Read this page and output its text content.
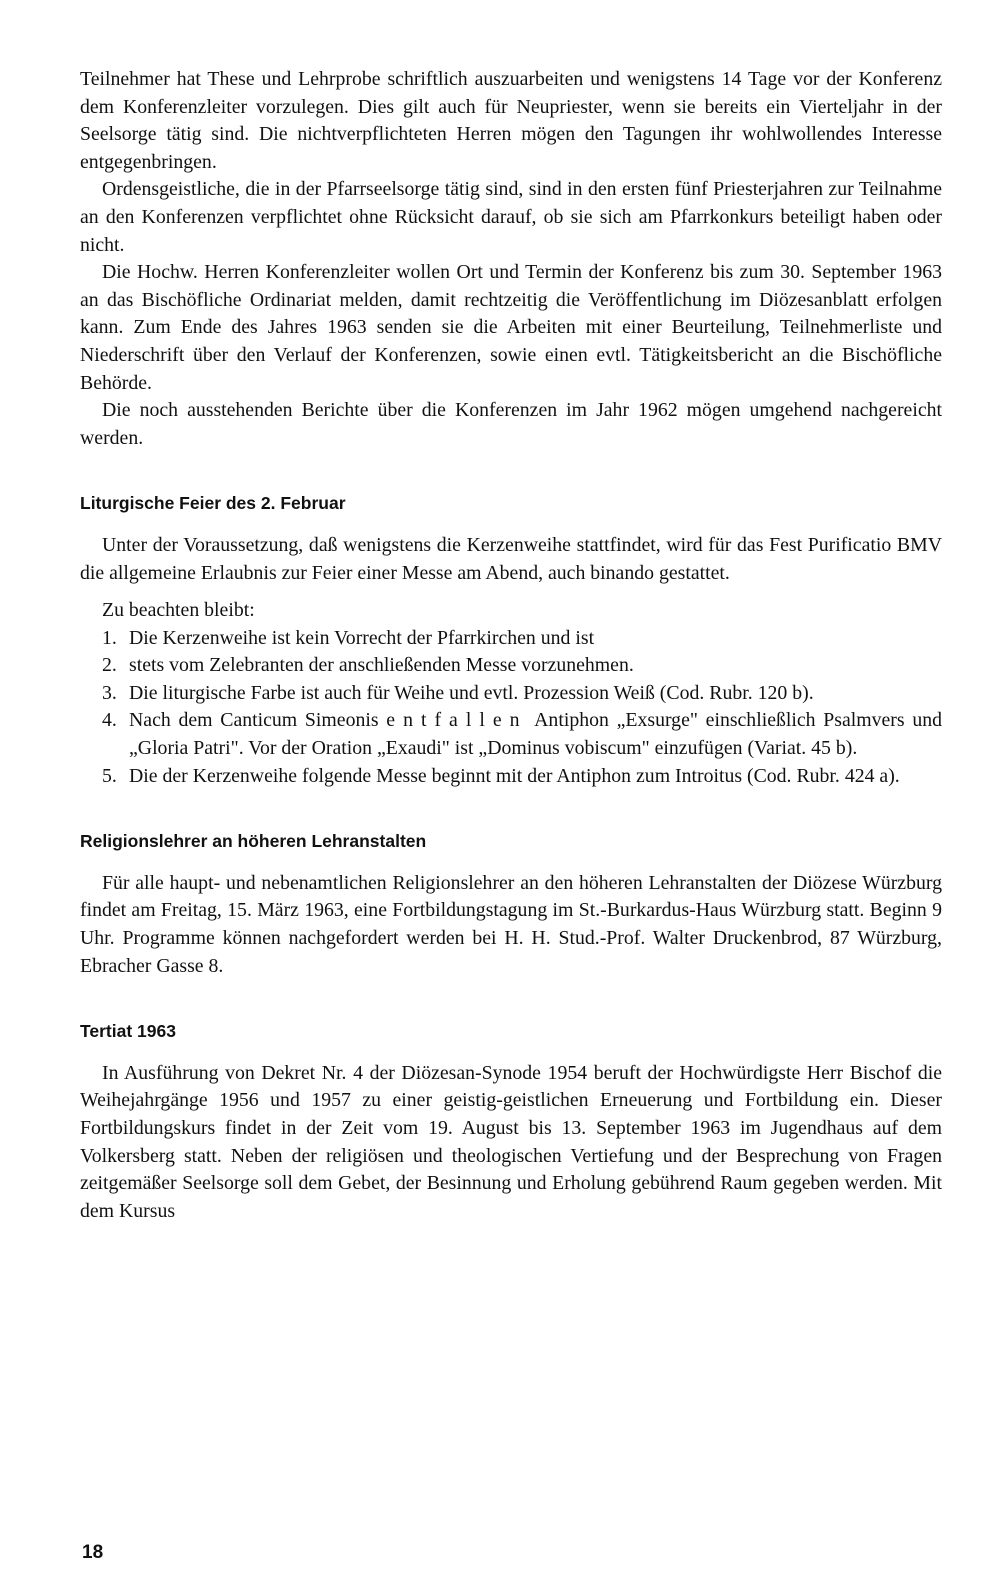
Teilnehmer hat These und Lehrprobe schriftlich auszuarbeiten und wenigstens 14 Tage vor der Konferenz dem Konferenzleiter vorzulegen. Dies gilt auch für Neupriester, wenn sie bereits ein Vierteljahr in der Seelsorge tätig sind. Die nichtverpflichteten Herren mögen den Tagungen ihr wohlwollendes Interesse entgegenbringen.

Ordensgeistliche, die in der Pfarrseelsorge tätig sind, sind in den ersten fünf Priesterjahren zur Teilnahme an den Konferenzen verpflichtet ohne Rücksicht darauf, ob sie sich am Pfarrkonkurs beteiligt haben oder nicht.

Die Hochw. Herren Konferenzleiter wollen Ort und Termin der Konferenz bis zum 30. September 1963 an das Bischöfliche Ordinariat melden, damit rechtzeitig die Veröffentlichung im Diözesanblatt erfolgen kann. Zum Ende des Jahres 1963 senden sie die Arbeiten mit einer Beurteilung, Teilnehmerliste und Niederschrift über den Verlauf der Konferenzen, sowie einen evtl. Tätigkeitsbericht an die Bischöfliche Behörde.

Die noch ausstehenden Berichte über die Konferenzen im Jahr 1962 mögen umgehend nachgereicht werden.

Liturgische Feier des 2. Februar

Unter der Voraussetzung, daß wenigstens die Kerzenweihe stattfindet, wird für das Fest Purificatio BMV die allgemeine Erlaubnis zur Feier einer Messe am Abend, auch binando gestattet.

Zu beachten bleibt:

1. Die Kerzenweihe ist kein Vorrecht der Pfarrkirchen und ist
2. stets vom Zelebranten der anschließenden Messe vorzunehmen.
3. Die liturgische Farbe ist auch für Weihe und evtl. Prozession Weiß (Cod. Rubr. 120 b).
4. Nach dem Canticum Simeonis entfallen Antiphon „Exsurge" einschließlich Psalmvers und „Gloria Patri". Vor der Oration „Exaudi" ist „Dominus vobiscum" einzufügen (Variat. 45 b).
5. Die der Kerzenweihe folgende Messe beginnt mit der Antiphon zum Introitus (Cod. Rubr. 424 a).
Religionslehrer an höheren Lehranstalten

Für alle haupt- und nebenamtlichen Religionslehrer an den höheren Lehranstalten der Diözese Würzburg findet am Freitag, 15. März 1963, eine Fortbildungstagung im St.-Burkardus-Haus Würzburg statt. Beginn 9 Uhr. Programme können nachgefordert werden bei H. H. Stud.-Prof. Walter Druckenbrod, 87 Würzburg, Ebracher Gasse 8.

Tertiat 1963

In Ausführung von Dekret Nr. 4 der Diözesan-Synode 1954 beruft der Hochwürdigste Herr Bischof die Weihejahrgänge 1956 und 1957 zu einer geistig-geistlichen Erneuerung und Fortbildung ein. Dieser Fortbildungskurs findet in der Zeit vom 19. August bis 13. September 1963 im Jugendhaus auf dem Volkersberg statt. Neben der religiösen und theologischen Vertiefung und der Besprechung von Fragen zeitgemäßer Seelsorge soll dem Gebet, der Besinnung und Erholung gebührend Raum gegeben werden. Mit dem Kursus

18
